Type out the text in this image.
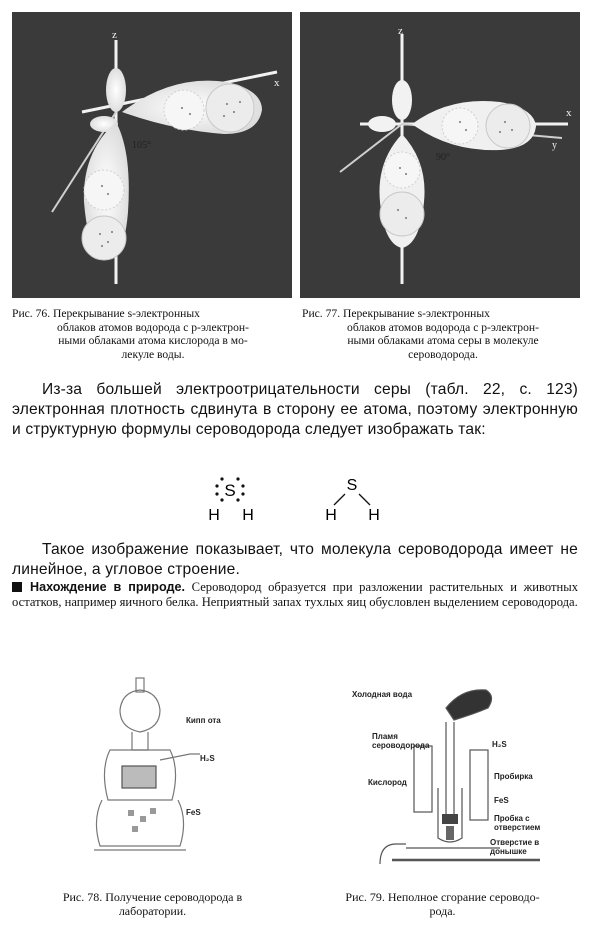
z
x
105°
z
x
y
90°
Рис. 76. Перекрывание s-электронных
облаков атомов водорода с p-электрон-
ными облаками атома кислорода в мо-
лекуле воды.
Рис. 77. Перекрывание s-электронных
облаков атомов водорода с p-электрон-
ными облаками атома серы в молекуле
сероводорода.
Из-за большей электроотрицательности серы (табл. 22, с. 123) электронная плотность сдвинута в сторону ее атома, поэтому электронную и структурную формулы сероводорода следует изображать так:
S
H H
S
H H
Такое изображение показывает, что молекула сероводорода имеет не линейное, а угловое строение.
Нахождение в природе. Сероводород образуется при разложении растительных и животных остатков, например яичного белка. Неприятный запах тухлых яиц обусловлен выделением сероводорода.
Кипп ота
H₂S
FeS
Холодная вода
Пламя сероводорода	H₂S
Пробирка
Кислород
FeS
Пробка с отверстием
Отверстие в донышке
Рис. 78. Получение сероводорода в
лаборатории.
Рис. 79. Неполное сгорание сероводо-
рода.
